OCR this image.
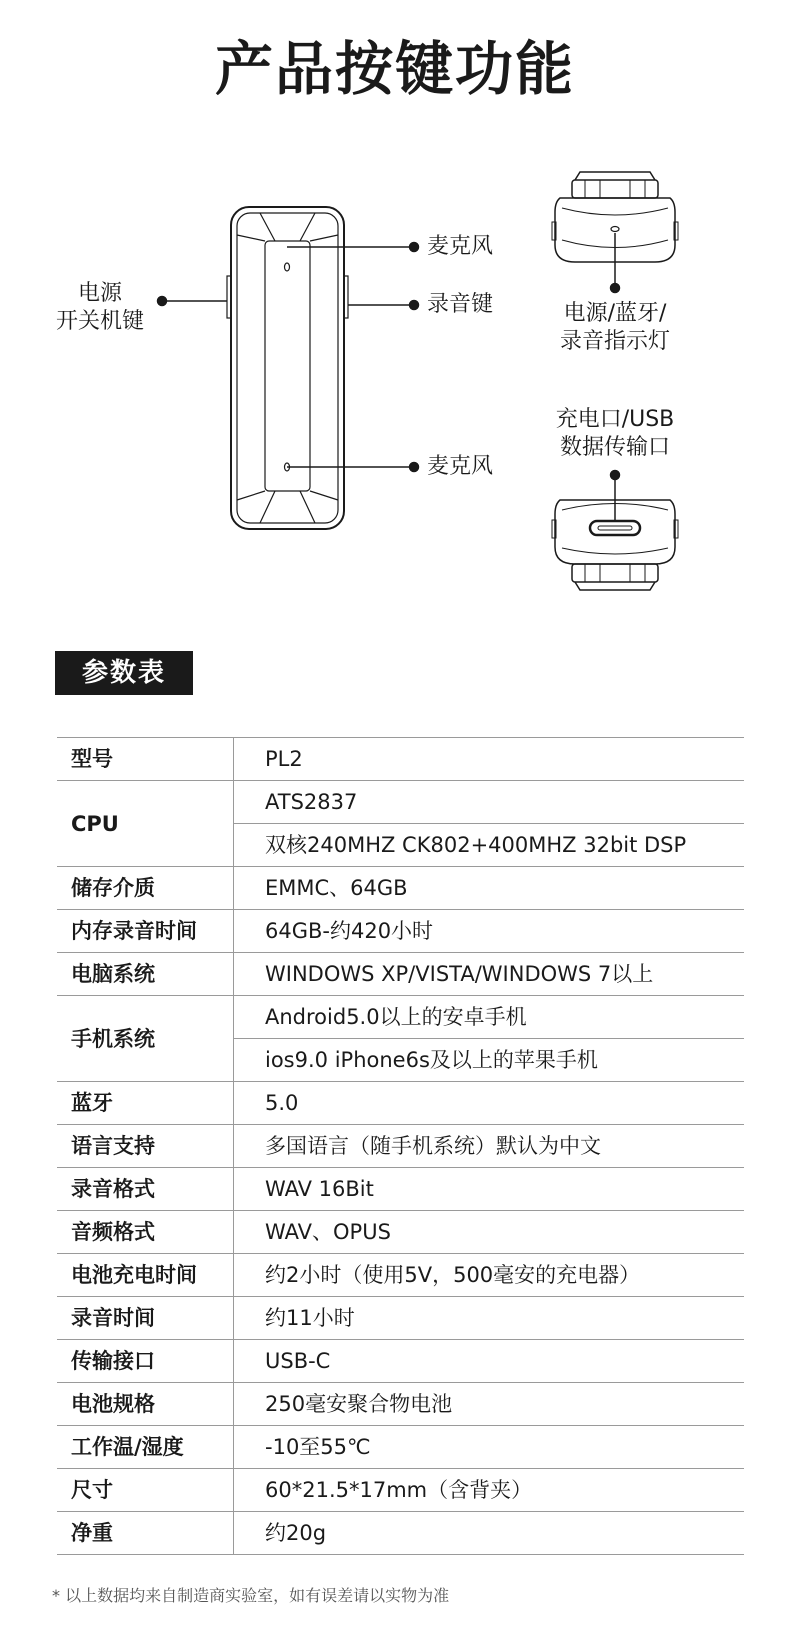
产品按键功能
电源
开关机键
麦克风
录音键
麦克风
电源/蓝牙/
录音指示灯
充电口/USB
数据传输口
参数表
型号	PL2
CPU	ATS2837
	双核240MHZ CK802+400MHZ 32bit DSP
储存介质	EMMC、64GB
内存录音时间	64GB-约420小时
电脑系统	WINDOWS XP/VISTA/WINDOWS 7以上
手机系统	Android5.0以上的安卓手机
	ios9.0 iPhone6s及以上的苹果手机
蓝牙	5.0
语言支持	多国语言（随手机系统）默认为中文
录音格式	WAV 16Bit
音频格式	WAV、OPUS
电池充电时间	约2小时（使用5V，500毫安的充电器）
录音时间	约11小时
传输接口	USB-C
电池规格	250毫安聚合物电池
工作温/湿度	-10至55℃
尺寸	60*21.5*17mm（含背夹）
净重	约20g
* 以上数据均来自制造商实验室，如有误差请以实物为准
